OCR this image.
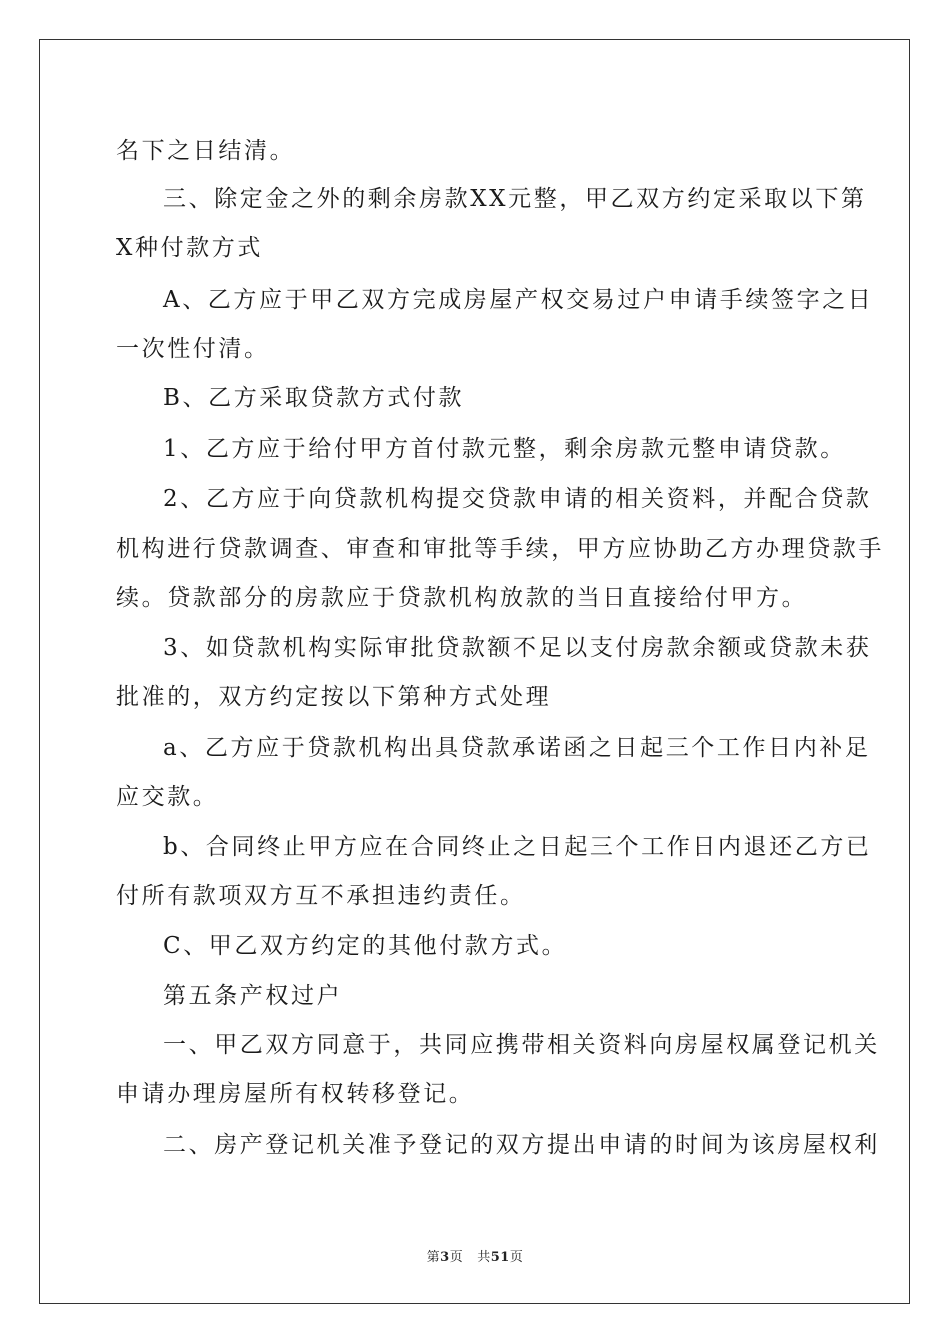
名下之日结清。
三、除定金之外的剩余房款XX元整，甲乙双方约定采取以下第
X种付款方式
A、乙方应于甲乙双方完成房屋产权交易过户申请手续签字之日
一次性付清。
B、乙方采取贷款方式付款
1、乙方应于给付甲方首付款元整，剩余房款元整申请贷款。
2、乙方应于向贷款机构提交贷款申请的相关资料，并配合贷款
机构进行贷款调查、审查和审批等手续，甲方应协助乙方办理贷款手
续。贷款部分的房款应于贷款机构放款的当日直接给付甲方。
3、如贷款机构实际审批贷款额不足以支付房款余额或贷款未获
批准的，双方约定按以下第种方式处理
a、乙方应于贷款机构出具贷款承诺函之日起三个工作日内补足
应交款。
b、合同终止甲方应在合同终止之日起三个工作日内退还乙方已
付所有款项双方互不承担违约责任。
C、甲乙双方约定的其他付款方式。
第五条产权过户
一、甲乙双方同意于，共同应携带相关资料向房屋权属登记机关
申请办理房屋所有权转移登记。
二、房产登记机关准予登记的双方提出申请的时间为该房屋权利
第3页 共51页
